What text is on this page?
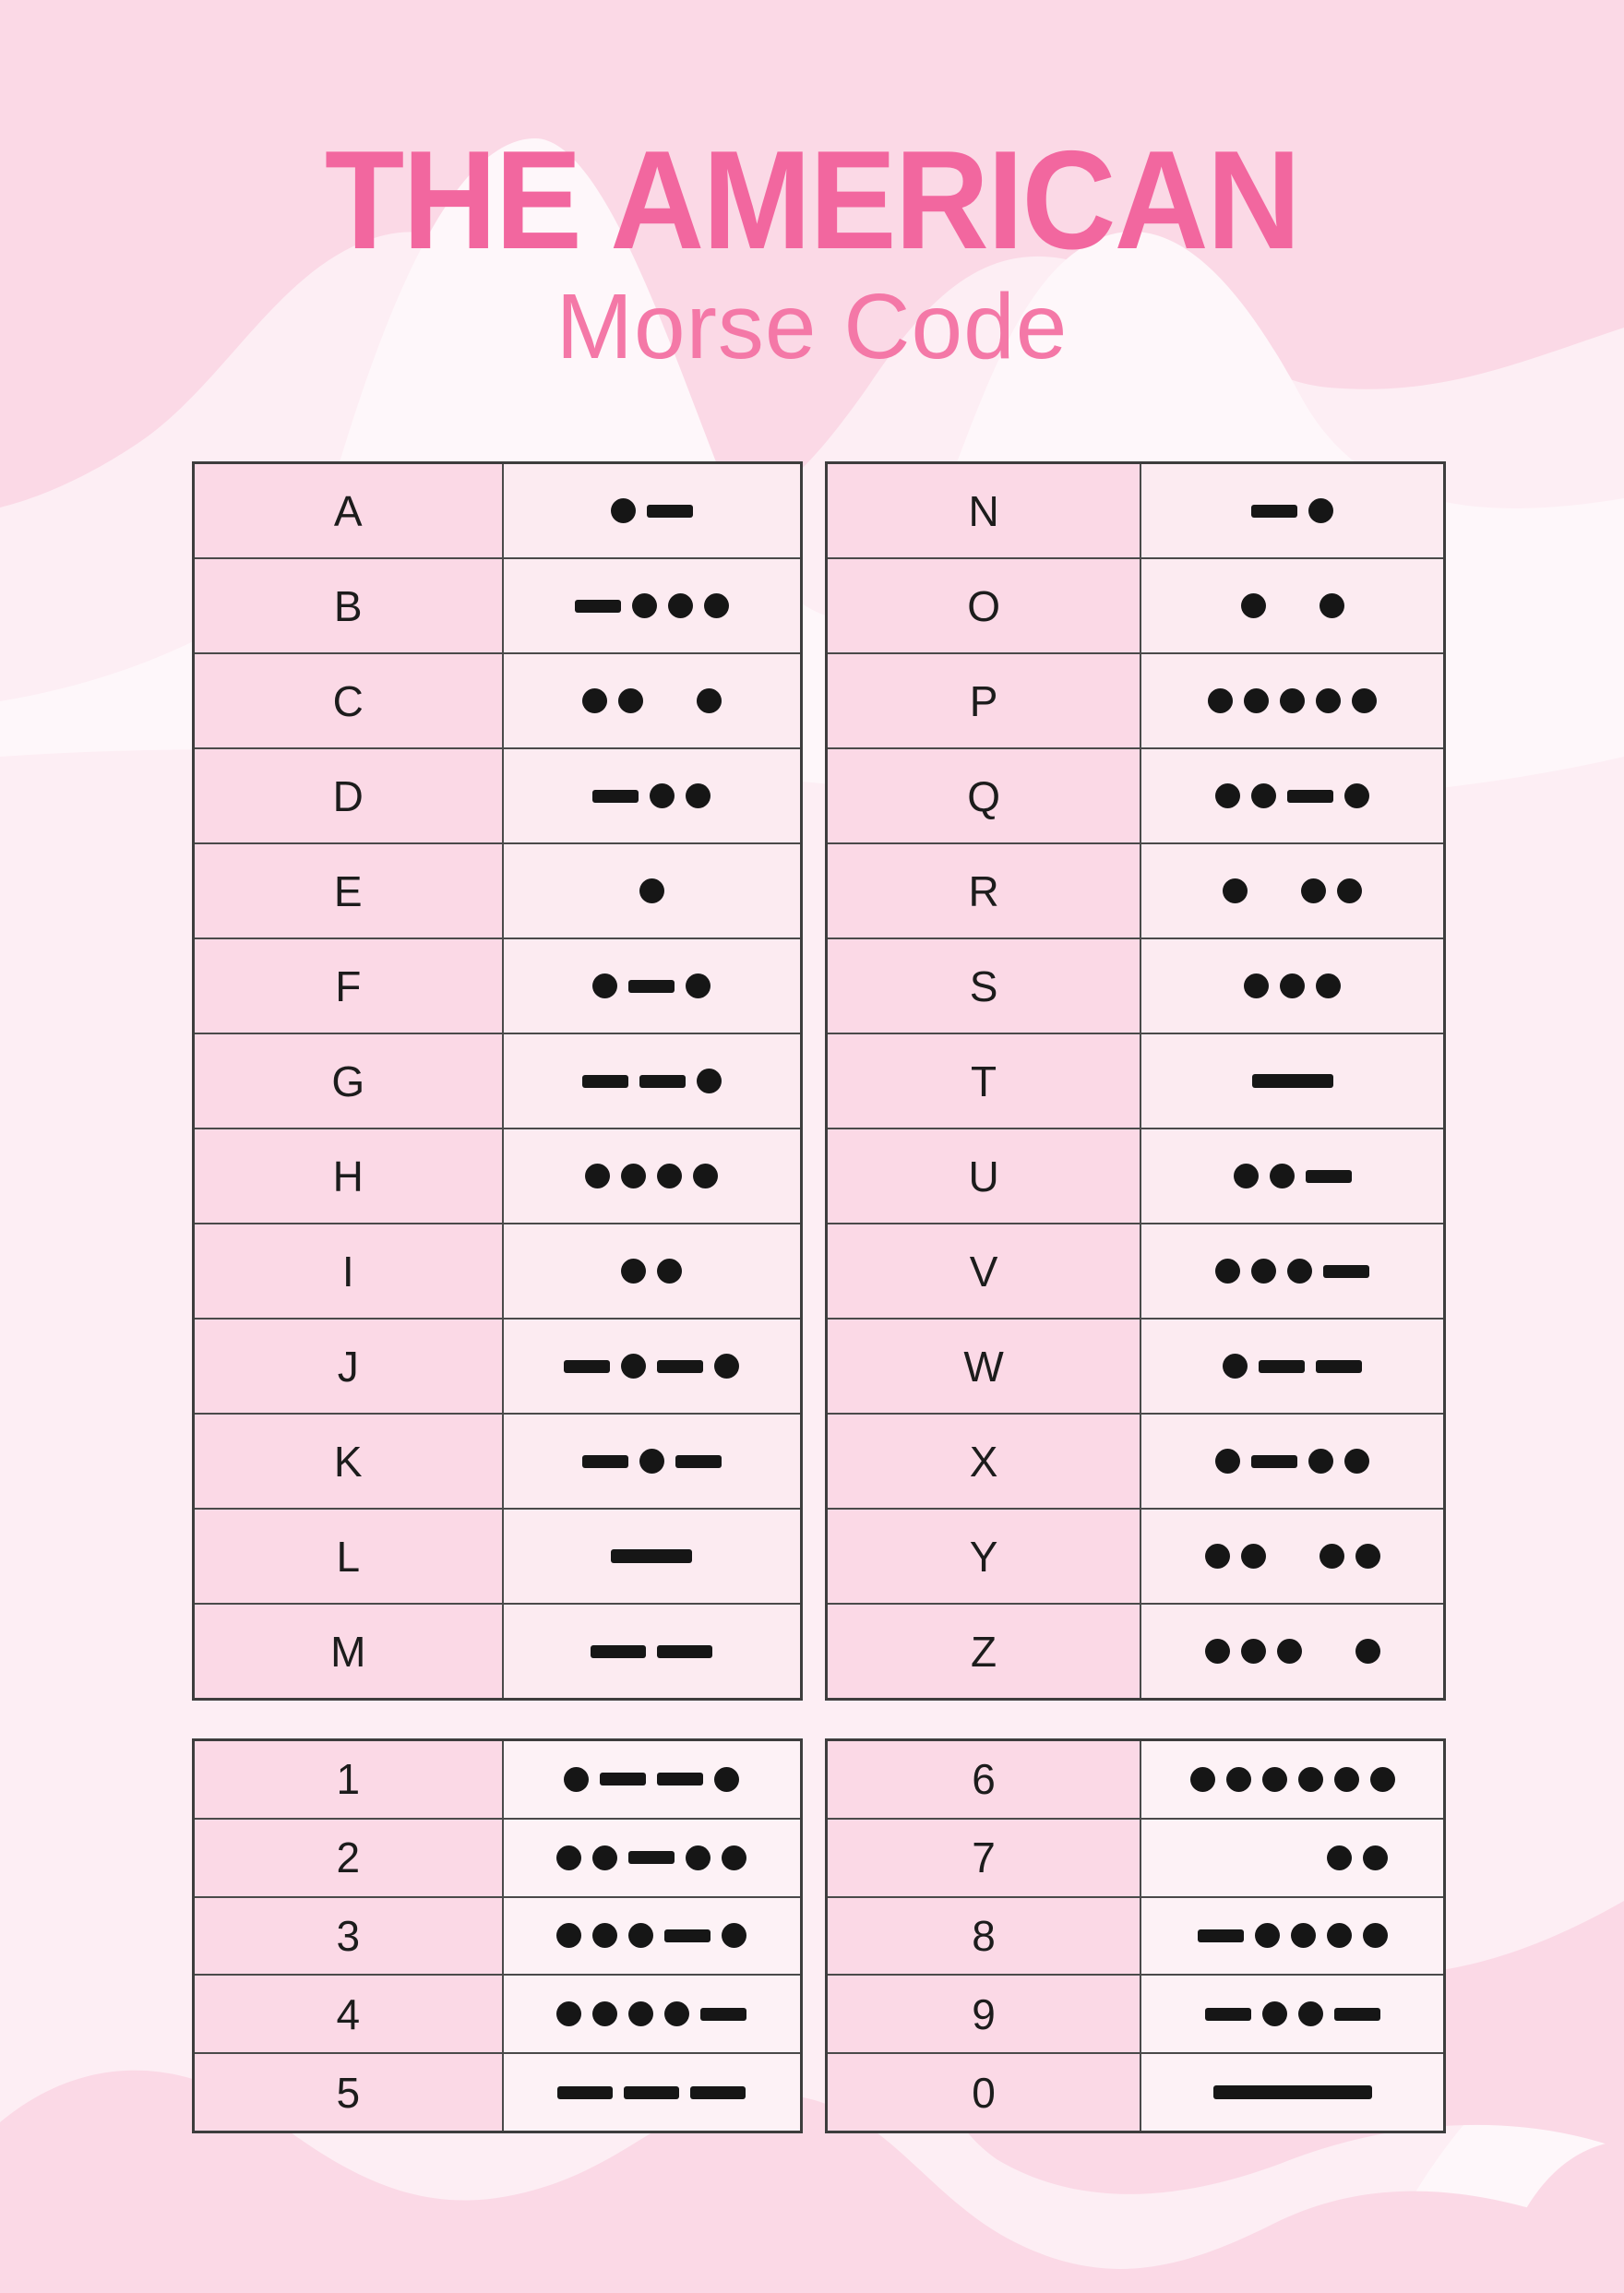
THE AMERICAN
Morse Code
A
B
C
D
E
F
G
H
I
J
K
L
M
N
O
P
Q
R
S
T
U
V
W
X
Y
Z
1
2
3
4
5
6
7
8
9
0
